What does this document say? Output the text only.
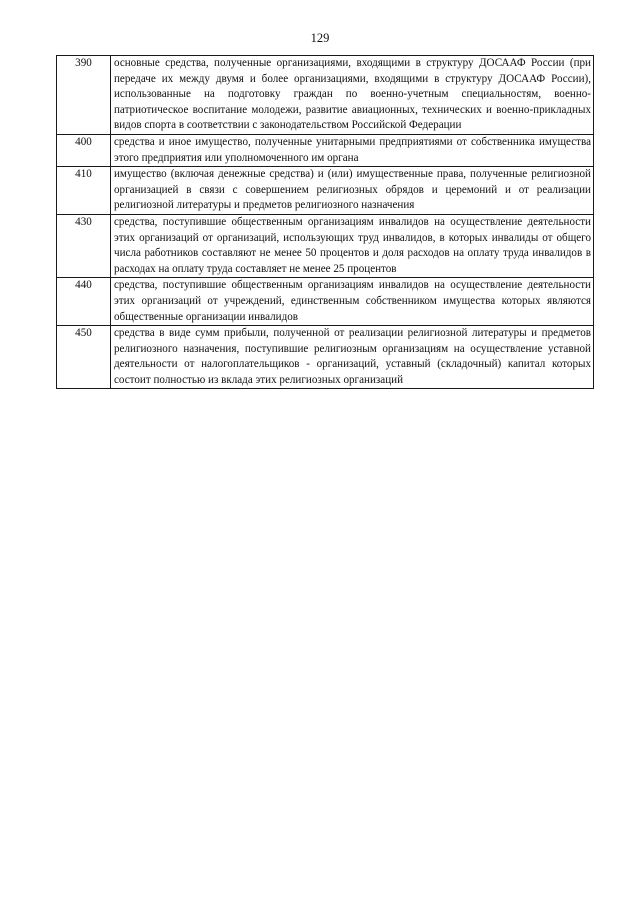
129
390	основные средства, полученные организациями, входящими в структуру ДОСААФ России (при передаче их между двумя и более организациями, входящими в структуру ДОСААФ России), использованные на подготовку граждан по военно-учетным специальностям, военно-патриотическое воспитание молодежи, развитие авиационных, технических и военно-прикладных видов спорта в соответствии с законодательством Российской Федерации
400	средства и иное имущество, полученные унитарными предприятиями от собственника имущества этого предприятия или уполномоченного им органа
410	имущество (включая денежные средства) и (или) имущественные права, полученные религиозной организацией в связи с совершением религиозных обрядов и церемоний и от реализации религиозной литературы и предметов религиозного назначения
430	средства, поступившие общественным организациям инвалидов на осуществление деятельности этих организаций от организаций, использующих труд инвалидов, в которых инвалиды от общего числа работников составляют не менее 50 процентов и доля расходов на оплату труда инвалидов в расходах на оплату труда составляет не менее 25 процентов
440	средства, поступившие общественным организациям инвалидов на осуществление деятельности этих организаций от учреждений, единственным собственником имущества которых являются общественные организации инвалидов
450	средства в виде сумм прибыли, полученной от реализации религиозной литературы и предметов религиозного назначения, поступившие религиозным организациям на осуществление уставной деятельности от налогоплательщиков - организаций, уставный (складочный) капитал которых состоит полностью из вклада этих религиозных организаций
